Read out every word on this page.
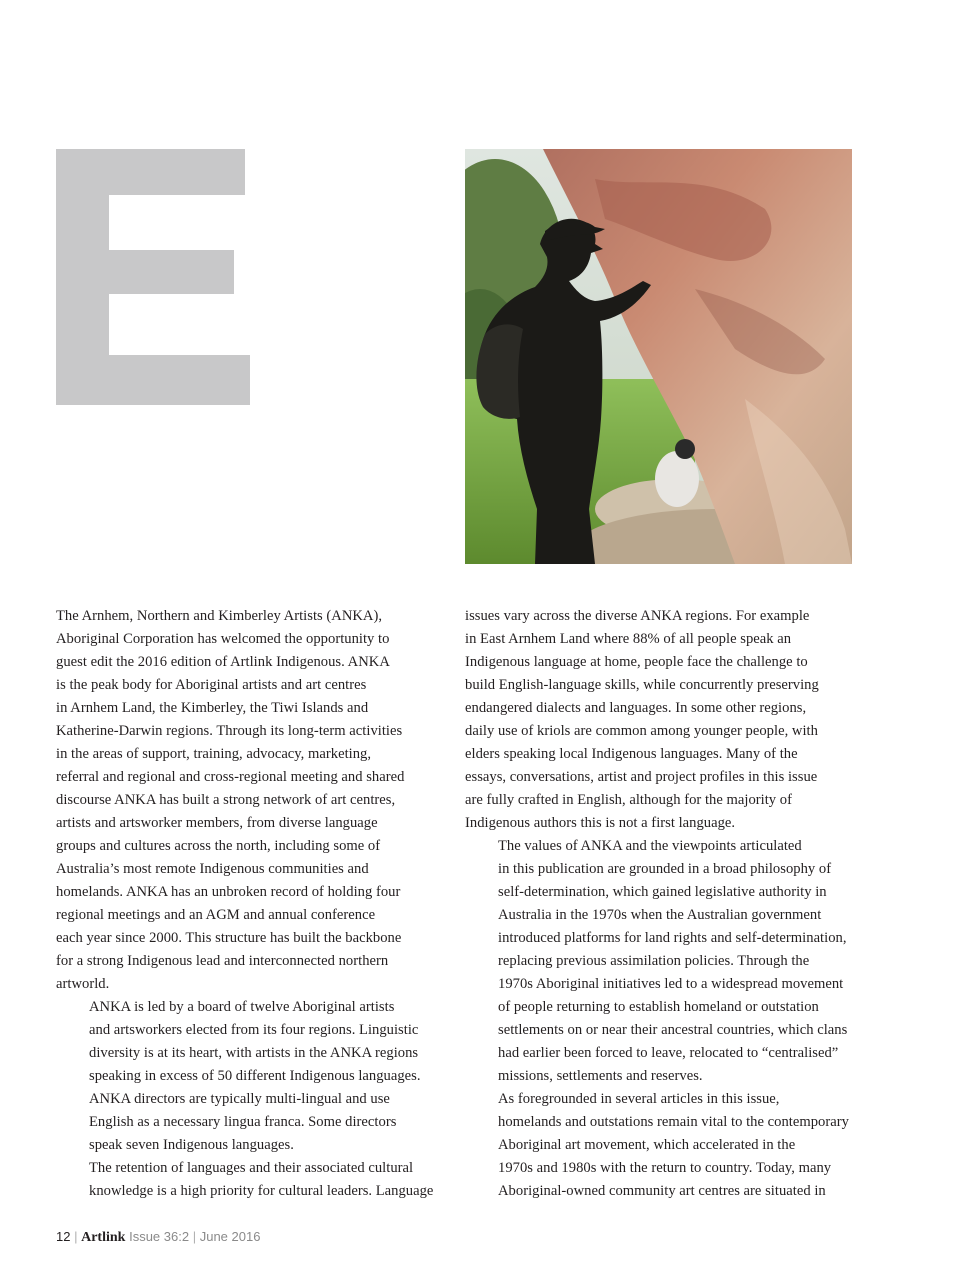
The Arnhem, Northern and Kimberley Artists (ANKA),
Aboriginal Corporation has welcomed the opportunity to
guest edit the 2016 edition of Artlink Indigenous. ANKA
is the peak body for Aboriginal artists and art centres
in Arnhem Land, the Kimberley, the Tiwi Islands and
Katherine-Darwin regions. Through its long-term activities
in the areas of support, training, advocacy, marketing,
referral and regional and cross-regional meeting and shared
discourse ANKA has built a strong network of art centres,
artists and artsworker members, from diverse language
groups and cultures across the north, including some of
Australia’s most remote Indigenous communities and
homelands. ANKA has an unbroken record of holding four
regional meetings and an AGM and annual conference
each year since 2000. This structure has built the backbone
for a strong Indigenous lead and interconnected northern
artworld.

ANKA is led by a board of twelve Aboriginal artists
and artsworkers elected from its four regions. Linguistic
diversity is at its heart, with artists in the ANKA regions
speaking in excess of 50 different Indigenous languages.
ANKA directors are typically multi-lingual and use
English as a necessary lingua franca. Some directors
speak seven Indigenous languages.

The retention of languages and their associated cultural
knowledge is a high priority for cultural leaders. Language

issues vary across the diverse ANKA regions. For example
in East Arnhem Land where 88% of all people speak an
Indigenous language at home, people face the challenge to
build English-language skills, while concurrently preserving
endangered dialects and languages. In some other regions,
daily use of kriols are common among younger people, with
elders speaking local Indigenous languages. Many of the
essays, conversations, artist and project profiles in this issue
are fully crafted in English, although for the majority of
Indigenous authors this is not a first language.

The values of ANKA and the viewpoints articulated
in this publication are grounded in a broad philosophy of
self-determination, which gained legislative authority in
Australia in the 1970s when the Australian government
introduced platforms for land rights and self-determination,
replacing previous assimilation policies. Through the
1970s Aboriginal initiatives led to a widespread movement
of people returning to establish homeland or outstation
settlements on or near their ancestral countries, which clans
had earlier been forced to leave, relocated to “centralised”
missions, settlements and reserves.

As foregrounded in several articles in this issue,
homelands and outstations remain vital to the contemporary
Aboriginal art movement, which accelerated in the
1970s and 1980s with the return to country. Today, many
Aboriginal-owned community art centres are situated in

12 | Artlink Issue 36:2 | June 2016
